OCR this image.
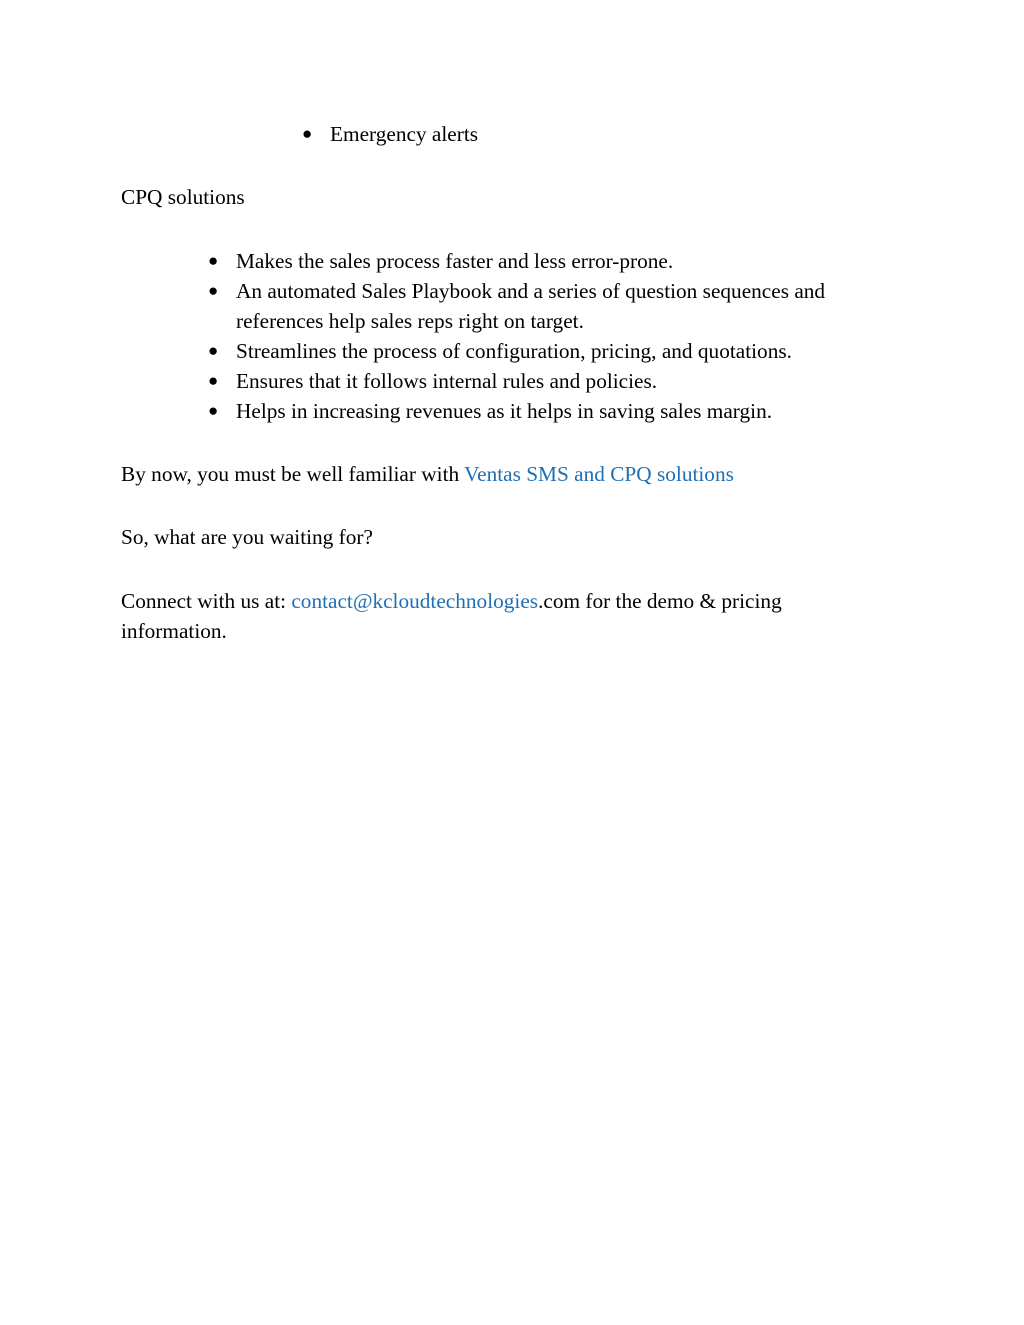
● Emergency alerts

CPQ solutions

● Makes the sales process faster and less error-prone.
● An automated Sales Playbook and a series of question sequences and references help sales reps right on target.
● Streamlines the process of configuration, pricing, and quotations.
● Ensures that it follows internal rules and policies.
● Helps in increasing revenues as it helps in saving sales margin.

By now, you must be well familiar with Ventas SMS and CPQ solutions

So, what are you waiting for?

Connect with us at: contact@kcloudtechnologies.com for the demo & pricing information.
